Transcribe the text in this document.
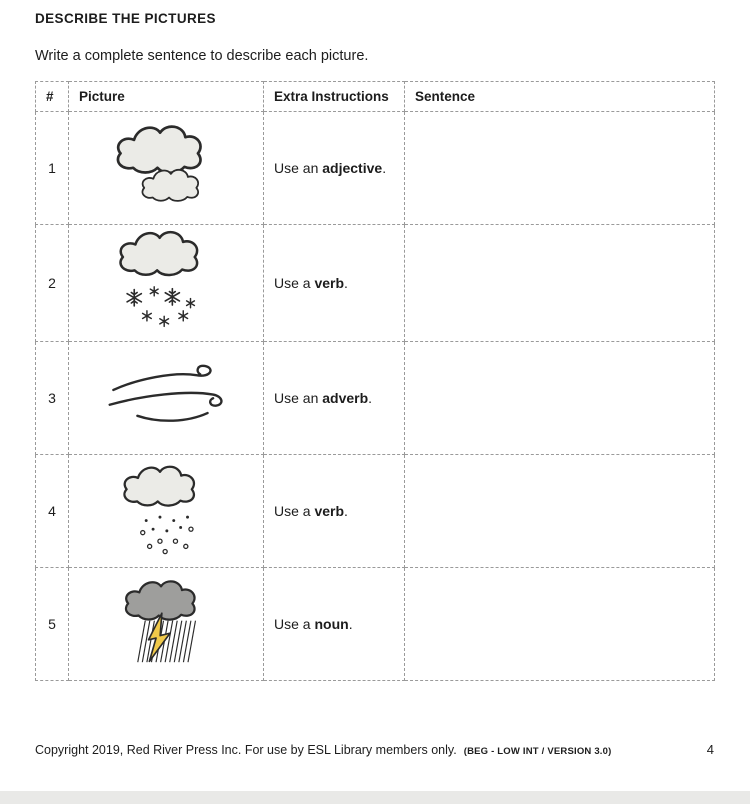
DESCRIBE THE PICTURES

Write a complete sentence to describe each picture.

#	Picture	Extra Instructions	Sentence
1		Use an adjective.	
2		Use a verb.	
3		Use an adverb.	
4		Use a verb.	
5		Use a noun.	
Copyright 2019, Red River Press Inc. For use by ESL Library members only. (BEG - LOW INT / VERSION 3.0)	4
